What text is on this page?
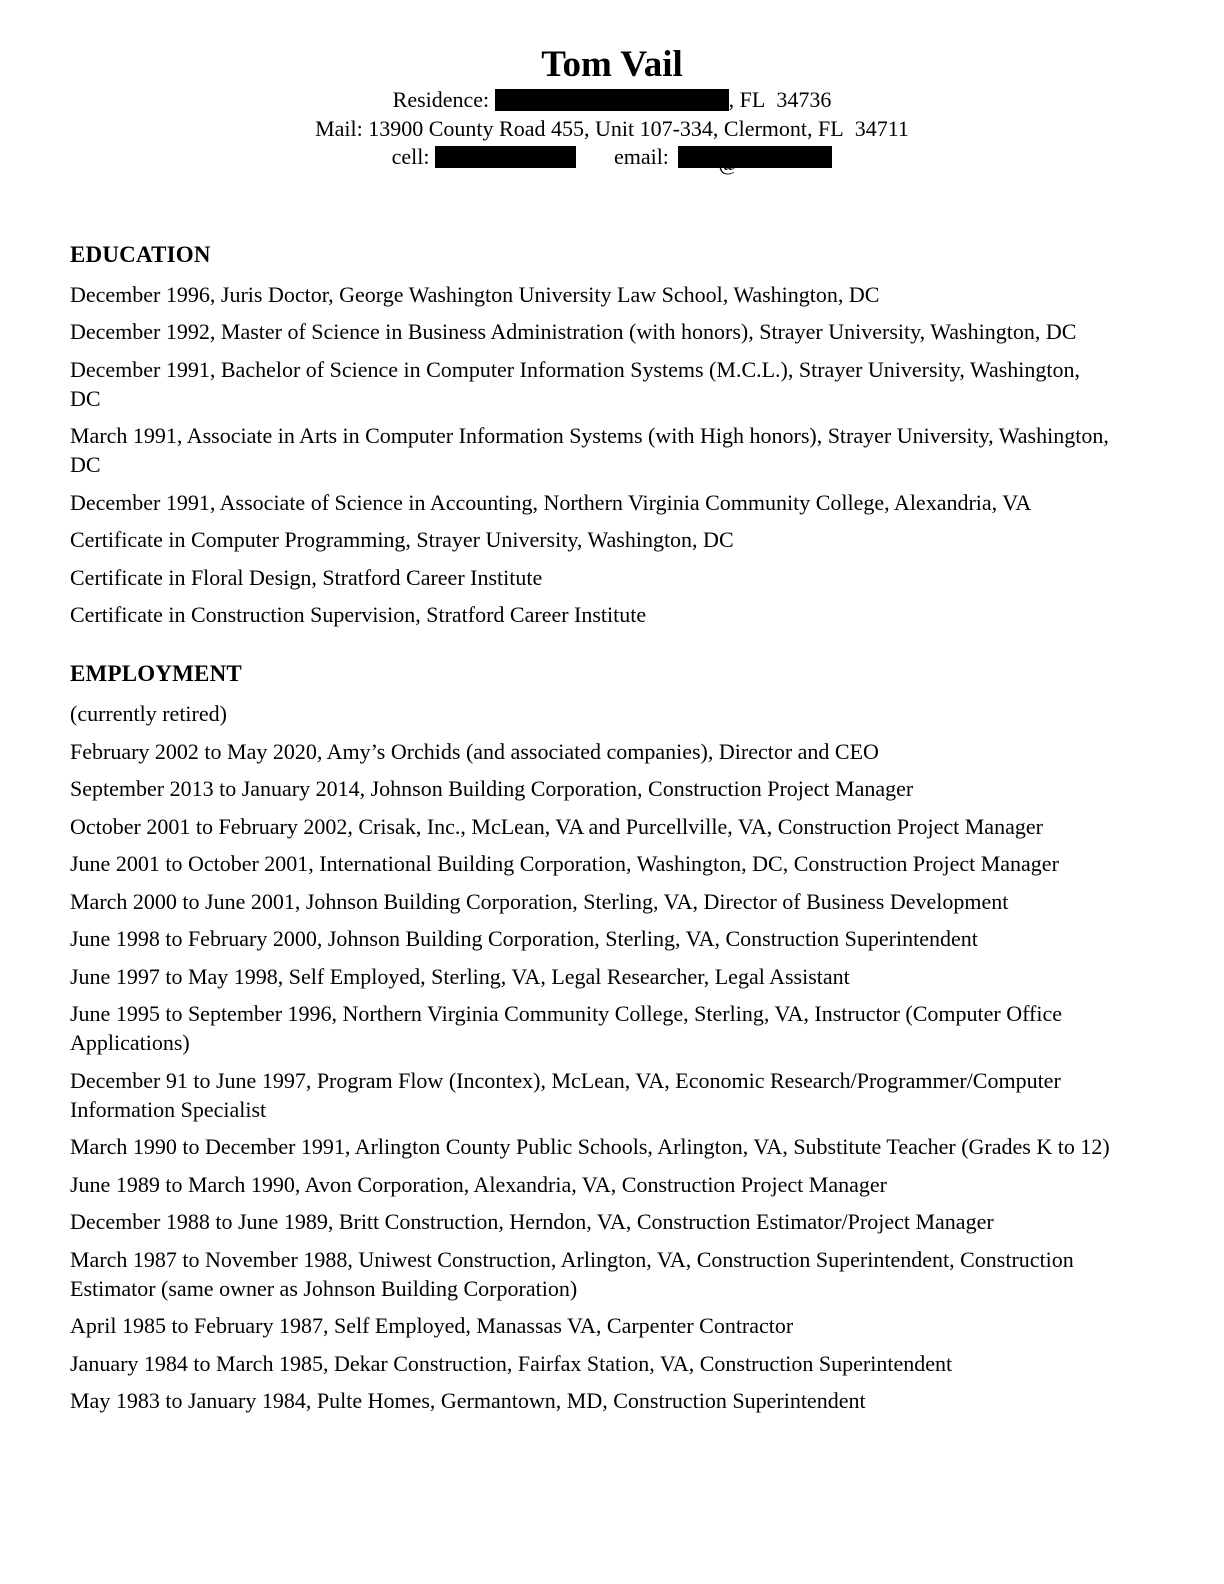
Tom Vail
Residence:	, FL  34736
Mail: 13900 County Road 455, Unit 107-334, Clermont, FL  34711
cell:	email: @
EDUCATION

December 1996, Juris Doctor, George Washington University Law School, Washington, DC

December 1992, Master of Science in Business Administration (with honors), Strayer University, Washington, DC

December 1991, Bachelor of Science in Computer Information Systems (M.C.L.), Strayer University, Washington, DC

March 1991, Associate in Arts in Computer Information Systems (with High honors), Strayer University, Washington, DC

December 1991, Associate of Science in Accounting, Northern Virginia Community College, Alexandria, VA

Certificate in Computer Programming, Strayer University, Washington, DC

Certificate in Floral Design, Stratford Career Institute

Certificate in Construction Supervision, Stratford Career Institute

EMPLOYMENT

(currently retired)

February 2002 to May 2020, Amy’s Orchids (and associated companies), Director and CEO

September 2013 to January 2014, Johnson Building Corporation, Construction Project Manager

October 2001 to February 2002, Crisak, Inc., McLean, VA and Purcellville, VA, Construction Project Manager

June 2001 to October 2001, International Building Corporation, Washington, DC, Construction Project Manager

March 2000 to June 2001, Johnson Building Corporation, Sterling, VA, Director of Business Development

June 1998 to February 2000, Johnson Building Corporation, Sterling, VA, Construction Superintendent

June 1997 to May 1998, Self Employed, Sterling, VA, Legal Researcher, Legal Assistant

June 1995 to September 1996, Northern Virginia Community College, Sterling, VA, Instructor (Computer Office Applications)

December 91 to June 1997, Program Flow (Incontex), McLean, VA, Economic Research/Programmer/Computer Information Specialist

March 1990 to December 1991, Arlington County Public Schools, Arlington, VA, Substitute Teacher (Grades K to 12)

June 1989 to March 1990, Avon Corporation, Alexandria, VA, Construction Project Manager

December 1988 to June 1989, Britt Construction, Herndon, VA, Construction Estimator/Project Manager

March 1987 to November 1988, Uniwest Construction, Arlington, VA, Construction Superintendent, Construction Estimator (same owner as Johnson Building Corporation)

April 1985 to February 1987, Self Employed, Manassas VA, Carpenter Contractor

January 1984 to March 1985, Dekar Construction, Fairfax Station, VA, Construction Superintendent

May 1983 to January 1984, Pulte Homes, Germantown, MD, Construction Superintendent
